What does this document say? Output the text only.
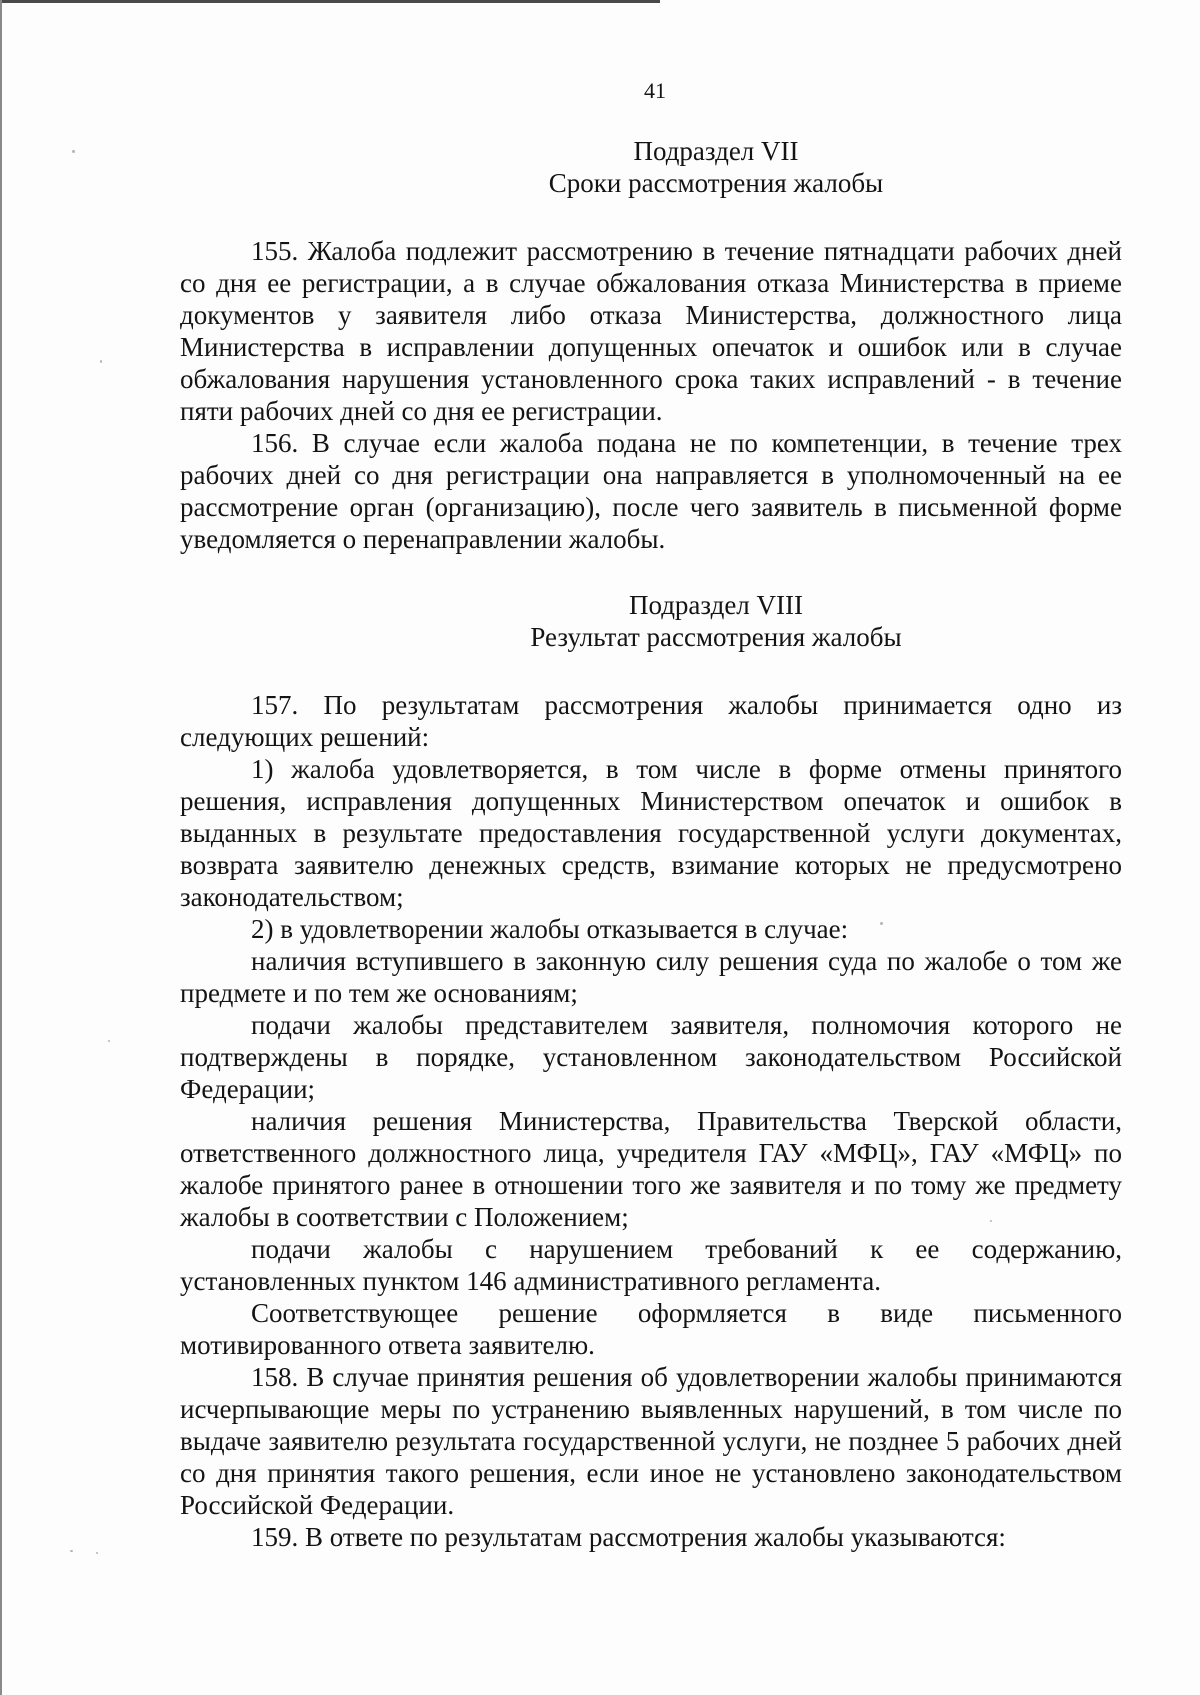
41
Подраздел VII
Сроки рассмотрения жалобы

155. Жалоба подлежит рассмотрению в течение пятнадцати рабочих дней со дня ее регистрации, а в случае обжалования отказа Министерства в приеме документов у заявителя либо отказа Министерства, должностного лица Министерства в исправлении допущенных опечаток и ошибок или в случае обжалования нарушения установленного срока таких исправлений - в течение пяти рабочих дней со дня ее регистрации.

156. В случае если жалоба подана не по компетенции, в течение трех рабочих дней со дня регистрации она направляется в уполномоченный на ее рассмотрение орган (организацию), после чего заявитель в письменной форме уведомляется о перенаправлении жалобы.

Подраздел VIII
Результат рассмотрения жалобы

157. По результатам рассмотрения жалобы принимается одно из следующих решений:

1) жалоба удовлетворяется, в том числе в форме отмены принятого решения, исправления допущенных Министерством опечаток и ошибок в выданных в результате предоставления государственной услуги документах, возврата заявителю денежных средств, взимание которых не предусмотрено законодательством;

2) в удовлетворении жалобы отказывается в случае:

наличия вступившего в законную силу решения суда по жалобе о том же предмете и по тем же основаниям;

подачи жалобы представителем заявителя, полномочия которого не подтверждены в порядке, установленном законодательством Российской Федерации;

наличия решения Министерства, Правительства Тверской области, ответственного должностного лица, учредителя ГАУ «МФЦ», ГАУ «МФЦ» по жалобе принятого ранее в отношении того же заявителя и по тому же предмету жалобы в соответствии с Положением;

подачи жалобы с нарушением требований к ее содержанию, установленных пунктом 146 административного регламента.

Соответствующее решение оформляется в виде письменного мотивированного ответа заявителю.

158. В случае принятия решения об удовлетворении жалобы принимаются исчерпывающие меры по устранению выявленных нарушений, в том числе по выдаче заявителю результата государственной услуги, не позднее 5 рабочих дней со дня принятия такого решения, если иное не установлено законодательством Российской Федерации.

159. В ответе по результатам рассмотрения жалобы указываются:
